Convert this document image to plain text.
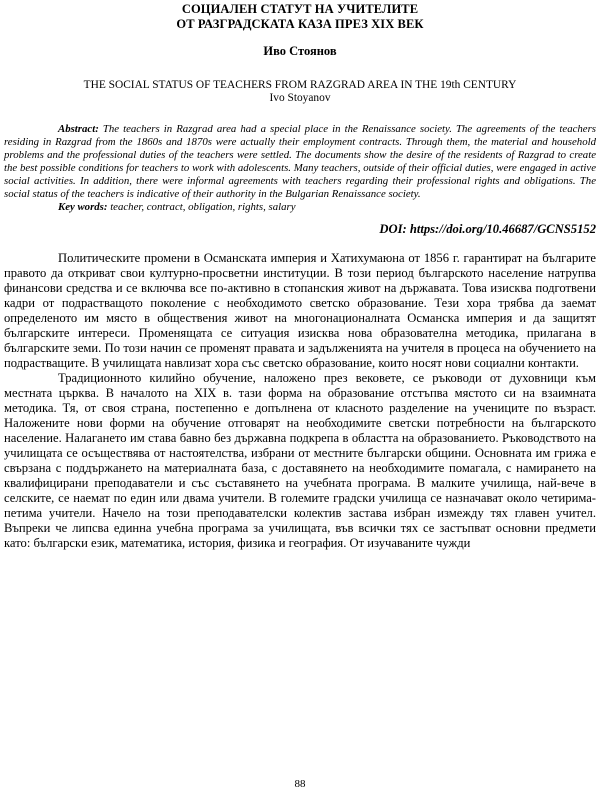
СОЦИАЛЕН СТАТУТ НА УЧИТЕЛИТЕ
ОТ РАЗГРАДСКАТА КАЗА ПРЕЗ XIX ВЕК
Иво Стоянов
THE SOCIAL STATUS OF TEACHERS FROM RAZGRAD AREA IN THE 19th CENTURY
Ivo Stoyanov
Abstract: The teachers in Razgrad area had a special place in the Renaissance society. The agreements of the teachers residing in Razgrad from the 1860s and 1870s were actually their employment contracts. Through them, the material and household problems and the professional duties of the teachers were settled. The documents show the desire of the residents of Razgrad to create the best possible conditions for teachers to work with adolescents. Many teachers, outside of their official duties, were engaged in active social activities. In addition, there were informal agreements with teachers regarding their professional rights and obligations. The social status of the teachers is indicative of their authority in the Bulgarian Renaissance society.
Key words: teacher, contract, obligation, rights, salary
DOI: https://doi.org/10.46687/GCNS5152

Политическите промени в Османската империя и Хатихумаюна от 1856 г. гарантират на българите правото да откриват свои културно-просветни институции. В този период българското население натрупва финансови средства и се включва все по-активно в стопанския живот на държавата. Това изисква подготвени кадри от подрастващото поколение с необходимото светско образование. Тези хора трябва да заемат определеното им място в обществения живот на многонационалната Османска империя и да защитят българските интереси. Променящата се ситуация изисква нова образователна методика, прилагана в българските земи. По този начин се променят правата и задълженията на учителя в процеса на обучението на подрастващите. В училищата навлизат хора със светско образование, които носят нови социални контакти.

Традиционното килийно обучение, наложено през вековете, се ръководи от духовници към местната църква. В началото на XIX в. тази форма на образование отстъпва мястото си на взаимната методика. Тя, от своя страна, постепенно е допълнена от класното разделение на учениците по възраст. Наложените нови форми на обучение отговарят на необходимите светски потребности на българското население. Налагането им става бавно без държавна подкрепа в областта на образованието. Ръководството на училищата се осъществява от настоятелства, избрани от местните български общини. Основната им грижа е свързана с поддържането на материалната база, с доставянето на необходимите помагала, с намирането на квалифицирани преподаватели и със съставянето на учебната програма. В малките училища, най-вече в селските, се наемат по един или двама учители. В големите градски училища се назначават около четирима-петима учители. Начело на този преподавателски колектив застава избран измежду тях главен учител. Въпреки че липсва единна учебна програма за училищата, във всички тях се застъпват основни предмети като: български език, математика, история, физика и география. От изучаваните чужди

88
